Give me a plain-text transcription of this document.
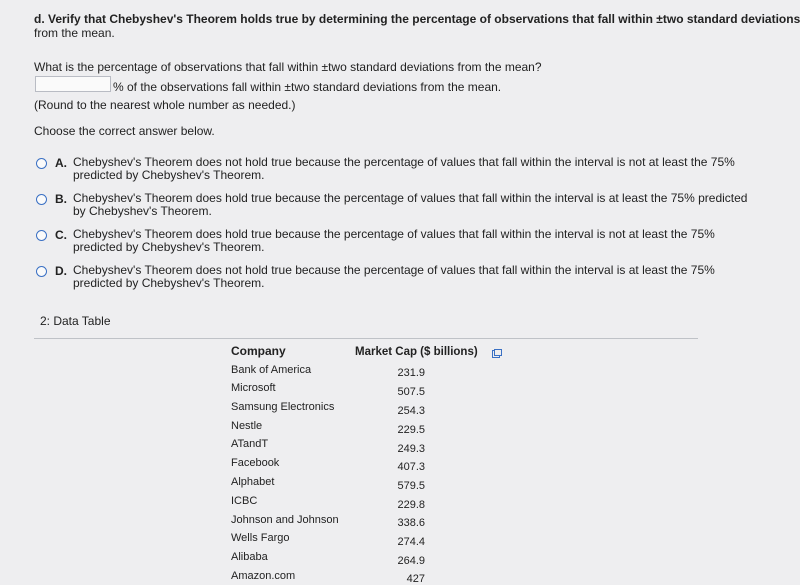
d. Verify that Chebyshev's Theorem holds true by determining the percentage of observations that fall within ±two standard deviations
from the mean.
What is the percentage of observations that fall within ±two standard deviations from the mean?
% of the observations fall within ±two standard deviations from the mean.
(Round to the nearest whole number as needed.)
Choose the correct answer below.
A. Chebyshev's Theorem does not hold true because the percentage of values that fall within the interval is not at least the 75%
predicted by Chebyshev's Theorem.
B. Chebyshev's Theorem does hold true because the percentage of values that fall within the interval is at least the 75% predicted
by Chebyshev's Theorem.
C. Chebyshev's Theorem does hold true because the percentage of values that fall within the interval is not at least the 75%
predicted by Chebyshev's Theorem.
D. Chebyshev's Theorem does not hold true because the percentage of values that fall within the interval is at least the 75%
predicted by Chebyshev's Theorem.
2: Data Table
Company	Market Cap ($ billions)
Bank of America	231.9
Microsoft	507.5
Samsung Electronics	254.3
Nestle	229.5
ATandT	249.3
Facebook	407.3
Alphabet	579.5
ICBC	229.8
Johnson and Johnson	338.6
Wells Fargo	274.4
Alibaba	264.9
Amazon.com	427
